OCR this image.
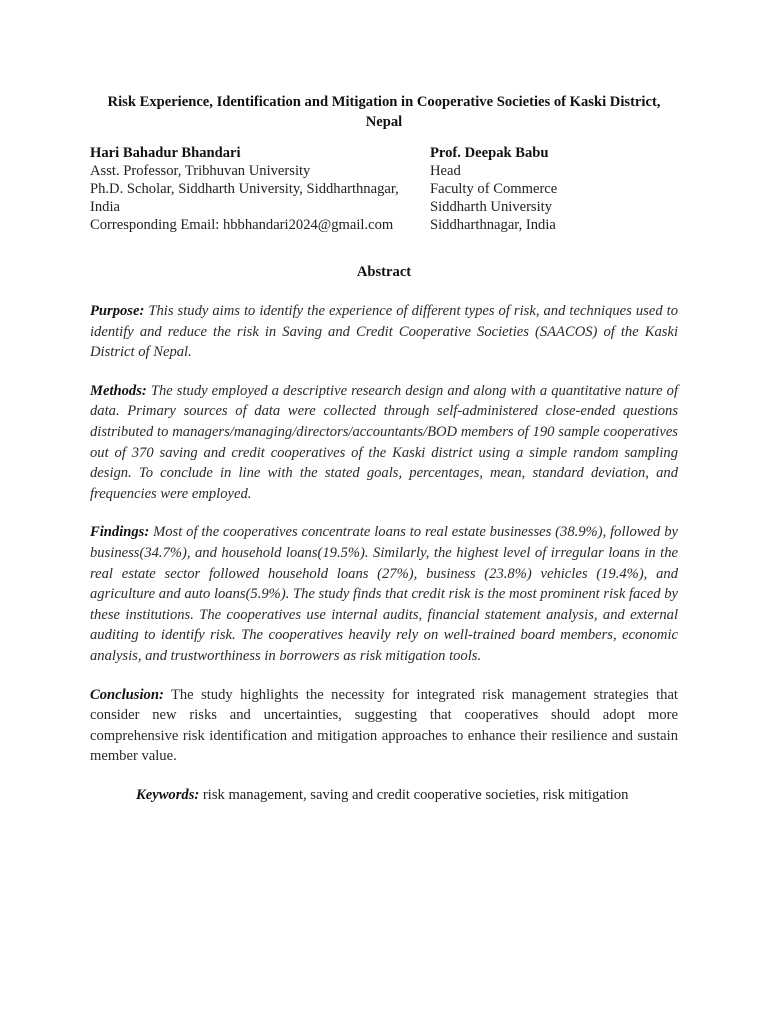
Risk Experience, Identification and Mitigation in Cooperative Societies of Kaski District, Nepal
Hari Bahadur Bhandari
Asst. Professor, Tribhuvan University
Ph.D. Scholar, Siddharth University, Siddharthnagar, India
Corresponding Email: hbbhandari2024@gmail.com
Prof. Deepak Babu
Head
Faculty of Commerce
Siddharth University
Siddharthnagar, India
Abstract

Purpose: This study aims to identify the experience of different types of risk, and techniques used to identify and reduce the risk in Saving and Credit Cooperative Societies (SAACOS) of the Kaski District of Nepal.

Methods: The study employed a descriptive research design and along with a quantitative nature of data. Primary sources of data were collected through self-administered close-ended questions distributed to managers/managing/directors/accountants/BOD members of 190 sample cooperatives out of 370 saving and credit cooperatives of the Kaski district using a simple random sampling design. To conclude in line with the stated goals, percentages, mean, standard deviation, and frequencies were employed.

Findings: Most of the cooperatives concentrate loans to real estate businesses (38.9%), followed by business(34.7%), and household loans(19.5%). Similarly, the highest level of irregular loans in the real estate sector followed household loans (27%), business (23.8%) vehicles (19.4%), and agriculture and auto loans(5.9%). The study finds that credit risk is the most prominent risk faced by these institutions. The cooperatives use internal audits, financial statement analysis, and external auditing to identify risk. The cooperatives heavily rely on well-trained board members, economic analysis, and trustworthiness in borrowers as risk mitigation tools.

Conclusion: The study highlights the necessity for integrated risk management strategies that consider new risks and uncertainties, suggesting that cooperatives should adopt more comprehensive risk identification and mitigation approaches to enhance their resilience and sustain member value.

Keywords: risk management, saving and credit cooperative societies, risk mitigation
